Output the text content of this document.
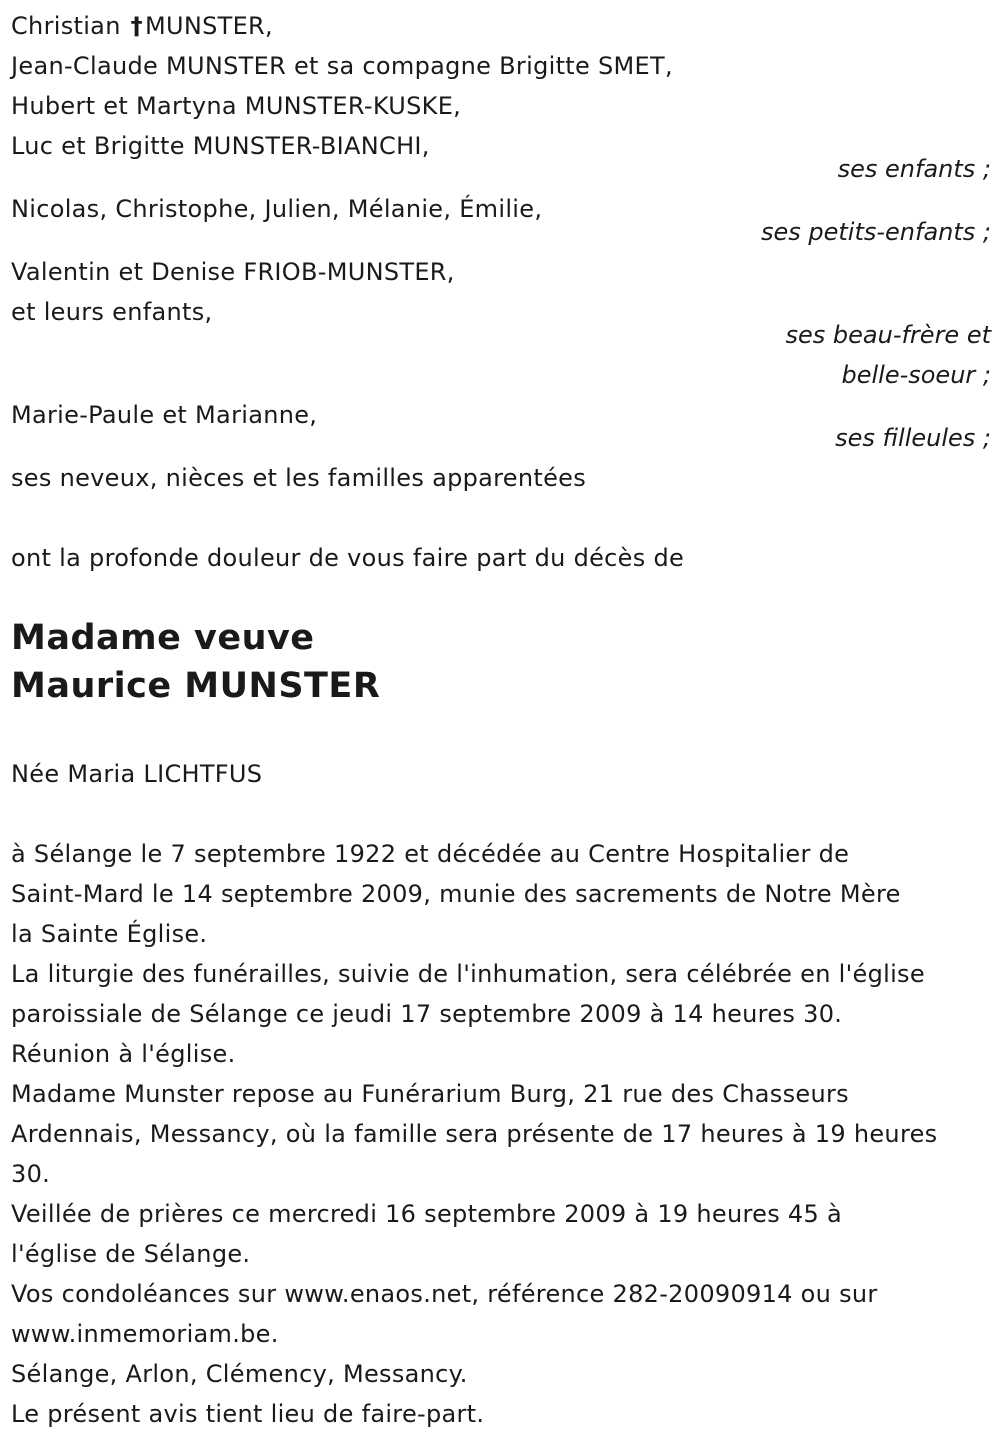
Christian †MUNSTER,
Jean-Claude MUNSTER et sa compagne Brigitte SMET,
Hubert et Martyna MUNSTER-KUSKE,
Luc et Brigitte MUNSTER-BIANCHI,
ses enfants ;
Nicolas, Christophe, Julien, Mélanie, Émilie,
ses petits-enfants ;
Valentin et Denise FRIOB-MUNSTER,
et leurs enfants,
ses beau-frère et
belle-soeur ;
Marie-Paule et Marianne,
ses filleules ;
ses neveux, nièces et les familles apparentées
ont la profonde douleur de vous faire part du décès de
Madame veuve
Maurice MUNSTER
Née Maria LICHTFUS
à Sélange le 7 septembre 1922 et décédée au Centre Hospitalier de
Saint-Mard le 14 septembre 2009, munie des sacrements de Notre Mère
la Sainte Église.
La liturgie des funérailles, suivie de l'inhumation, sera célébrée en l'église
paroissiale de Sélange ce jeudi 17 septembre 2009 à 14 heures 30.
Réunion à l'église.
Madame Munster repose au Funérarium Burg, 21 rue des Chasseurs
Ardennais, Messancy, où la famille sera présente de 17 heures à 19 heures
30.
Veillée de prières ce mercredi 16 septembre 2009 à 19 heures 45 à
l'église de Sélange.
Vos condoléances sur www.enaos.net, référence 282-20090914 ou sur
www.inmemoriam.be.
Sélange, Arlon, Clémency, Messancy.
Le présent avis tient lieu de faire-part.
